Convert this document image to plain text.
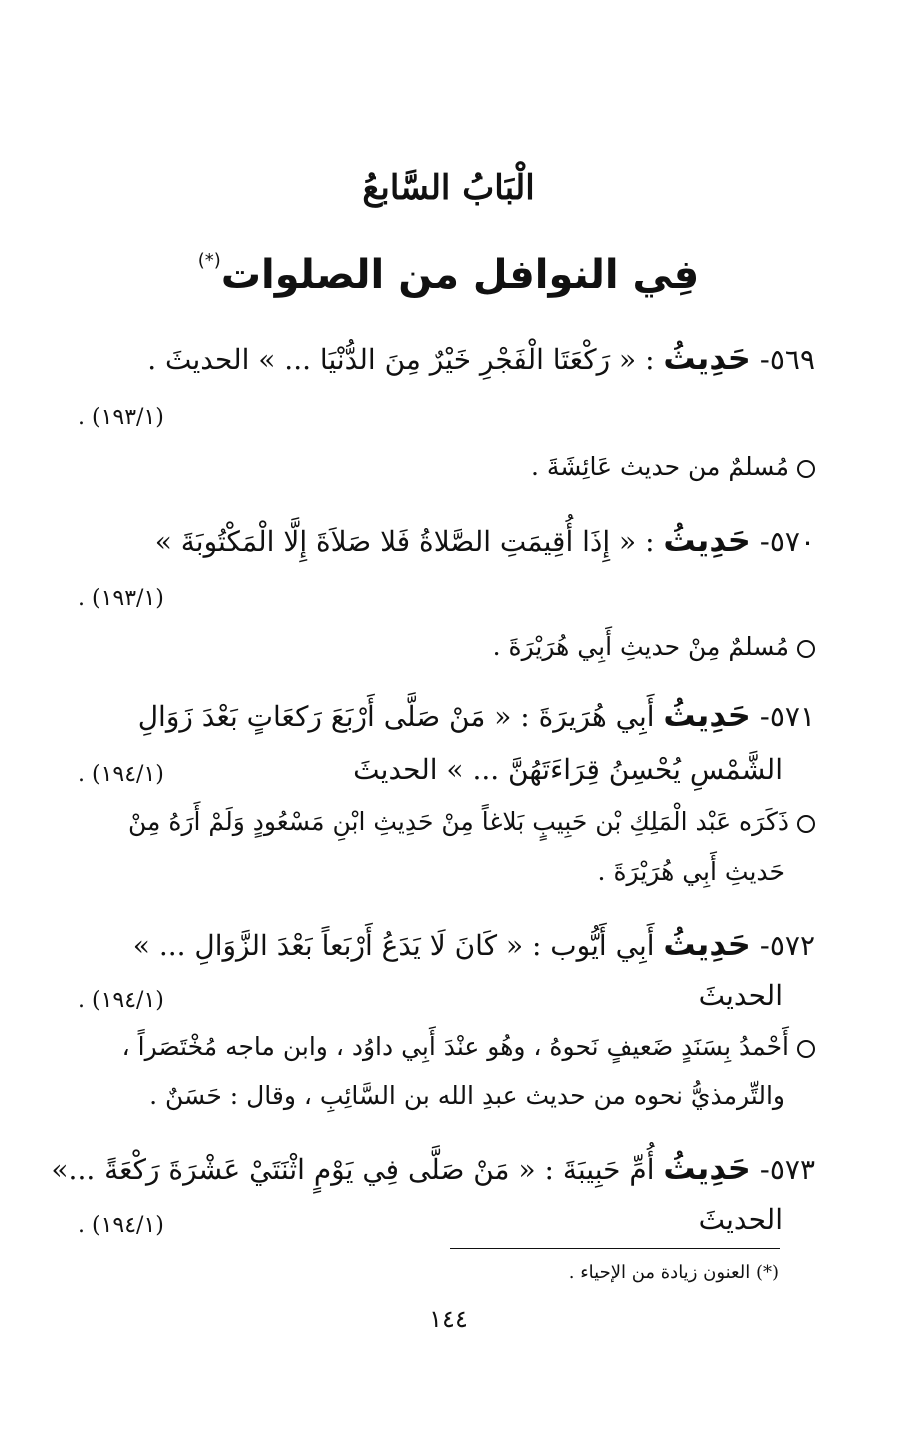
الْبَابُ السَّابعُ
فِي النوافل من الصلوات(*)
٥٦٩- حَدِيثُ : « رَكْعَتَا الْفَجْرِ خَيْرٌ مِنَ الدُّنْيَا ... » الحديثَ .
(١٩٣/١) .
مُسلمٌ من حديث عَائِشَةَ .
٥٧٠- حَدِيثُ : « إِذَا أُقِيمَتِ الصَّلاةُ فَلا صَلاَةَ إِلَّا الْمَكْتُوبَةَ »
(١٩٣/١) .
مُسلمٌ مِنْ حديثِ أَبِي هُرَيْرَةَ .
٥٧١- حَدِيثُ أَبِي هُرَيرَةَ : « مَنْ صَلَّى أَرْبَعَ رَكعَاتٍ بَعْدَ زَوَالِ
الشَّمْسِ يُحْسِنُ قِرَاءَتَهُنَّ ... » الحديثَ
(١٩٤/١) .
ذَكَرَه عَبْد الْمَلِكِ بْن حَبِيبٍ بَلاغاً مِنْ حَدِيثِ ابْنِ مَسْعُودٍ وَلَمْ أَرَهُ مِنْ
حَديثِ أَبِي هُرَيْرَةَ .
٥٧٢- حَدِيثُ أَبِي أَيُّوب : « كَانَ لَا يَدَعُ أَرْبَعاً بَعْدَ الزَّوَالِ ... »
الحديثَ
(١٩٤/١) .
أَحْمدُ بِسَنَدٍ ضَعيفٍ نَحوهُ ، وهُو عنْدَ أَبِي داوُد ، وابن ماجه مُخْتَصَراً ،
والتِّرمذيُّ نحوه من حديث عبدِ الله بن السَّائِبِ ، وقال : حَسَنٌ .
٥٧٣- حَدِيثُ أُمِّ حَبِيبَةَ : « مَنْ صَلَّى فِي يَوْمٍ اثْنَتَيْ عَشْرَةَ رَكْعَةً ...»
الحديثَ
(١٩٤/١) .
(*) العنون زيادة من الإحياء .
١٤٤
